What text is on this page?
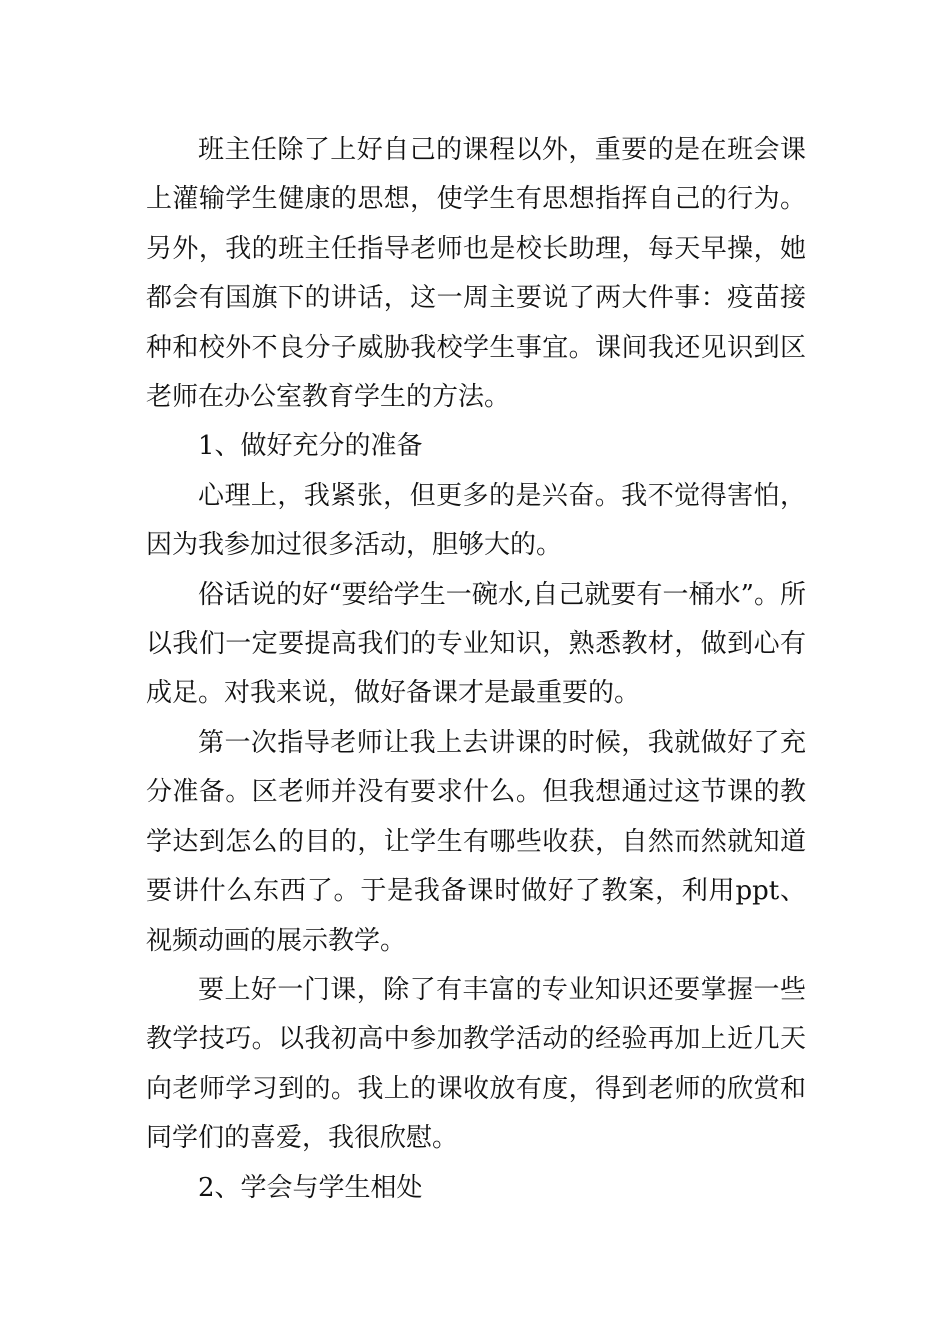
班主任除了上好自己的课程以外，重要的是在班会课上灌输学生健康的思想，使学生有思想指挥自己的行为。另外，我的班主任指导老师也是校长助理，每天早操，她都会有国旗下的讲话，这一周主要说了两大件事：疫苗接种和校外不良分子威胁我校学生事宜。课间我还见识到区老师在办公室教育学生的方法。

1、做好充分的准备

心理上，我紧张，但更多的是兴奋。我不觉得害怕，因为我参加过很多活动，胆够大的。

俗话说的好“要给学生一碗水,自己就要有一桶水”。所以我们一定要提高我们的专业知识，熟悉教材，做到心有成足。对我来说，做好备课才是最重要的。

第一次指导老师让我上去讲课的时候，我就做好了充分准备。区老师并没有要求什么。但我想通过这节课的教学达到怎么的目的，让学生有哪些收获，自然而然就知道要讲什么东西了。于是我备课时做好了教案，利用ppt、视频动画的展示教学。

要上好一门课，除了有丰富的专业知识还要掌握一些教学技巧。以我初高中参加教学活动的经验再加上近几天向老师学习到的。我上的课收放有度，得到老师的欣赏和同学们的喜爱，我很欣慰。

2、学会与学生相处
